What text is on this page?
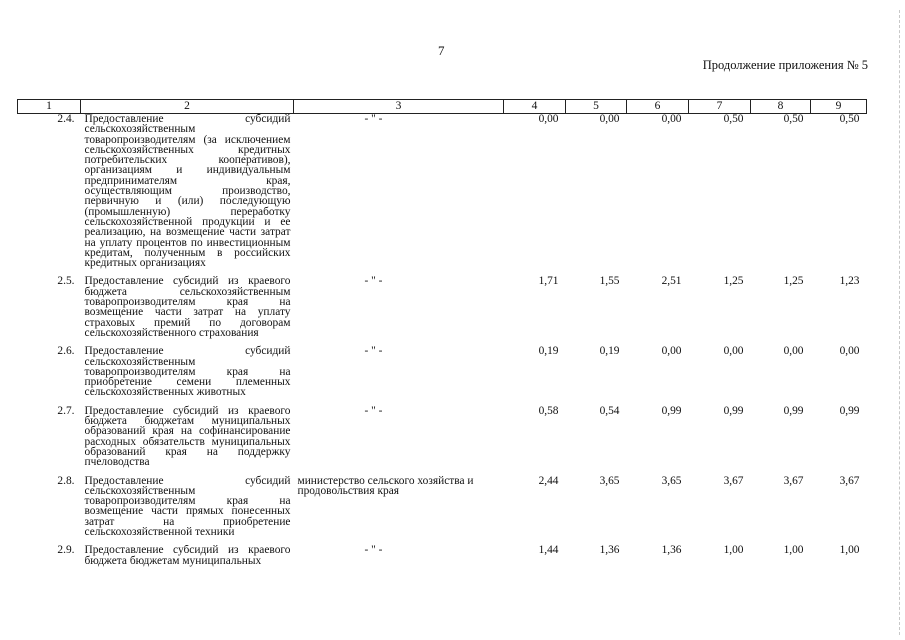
7
Продолжение приложения № 5
1	2	3	4	5	6	7	8	9
2.4.	Предоставление субсидий сельскохозяйственным товаропроизводителям (за исключением сельскохозяйственных кредитных потребительских кооперативов), организациям и индивидуальным предпринимателям края, осуществляющим производство, первичную и (или) последующую (промышленную) переработку сельскохозяйственной продукции и ее реализацию, на возмещение части затрат на уплату процентов по инвестиционным кредитам, полученным в российских кредитных организациях	- " -	0,00	0,00	0,00	0,50	0,50	0,50
2.5.	Предоставление субсидий из краевого бюджета сельскохозяйственным товаропроизводителям края на возмещение части затрат на уплату страховых премий по договорам сельскохозяйственного страхования	- " -	1,71	1,55	2,51	1,25	1,25	1,23
2.6.	Предоставление субсидий сельскохозяйственным товаропроизводителям края на приобретение семени племенных сельскохозяйственных животных	- " -	0,19	0,19	0,00	0,00	0,00	0,00
2.7.	Предоставление субсидий из краевого бюджета бюджетам муниципальных образований края на софинансирование расходных обязательств муниципальных образований края на поддержку пчеловодства	- " -	0,58	0,54	0,99	0,99	0,99	0,99
2.8.	Предоставление субсидий сельскохозяйственным товаропроизводителям края на возмещение части прямых понесенных затрат на приобретение сельскохозяйственной техники	министерство сельского хозяйства и продовольствия края	2,44	3,65	3,65	3,67	3,67	3,67
2.9.	Предоставление субсидий из краевого бюджета бюджетам муниципальных	- " -	1,44	1,36	1,36	1,00	1,00	1,00
